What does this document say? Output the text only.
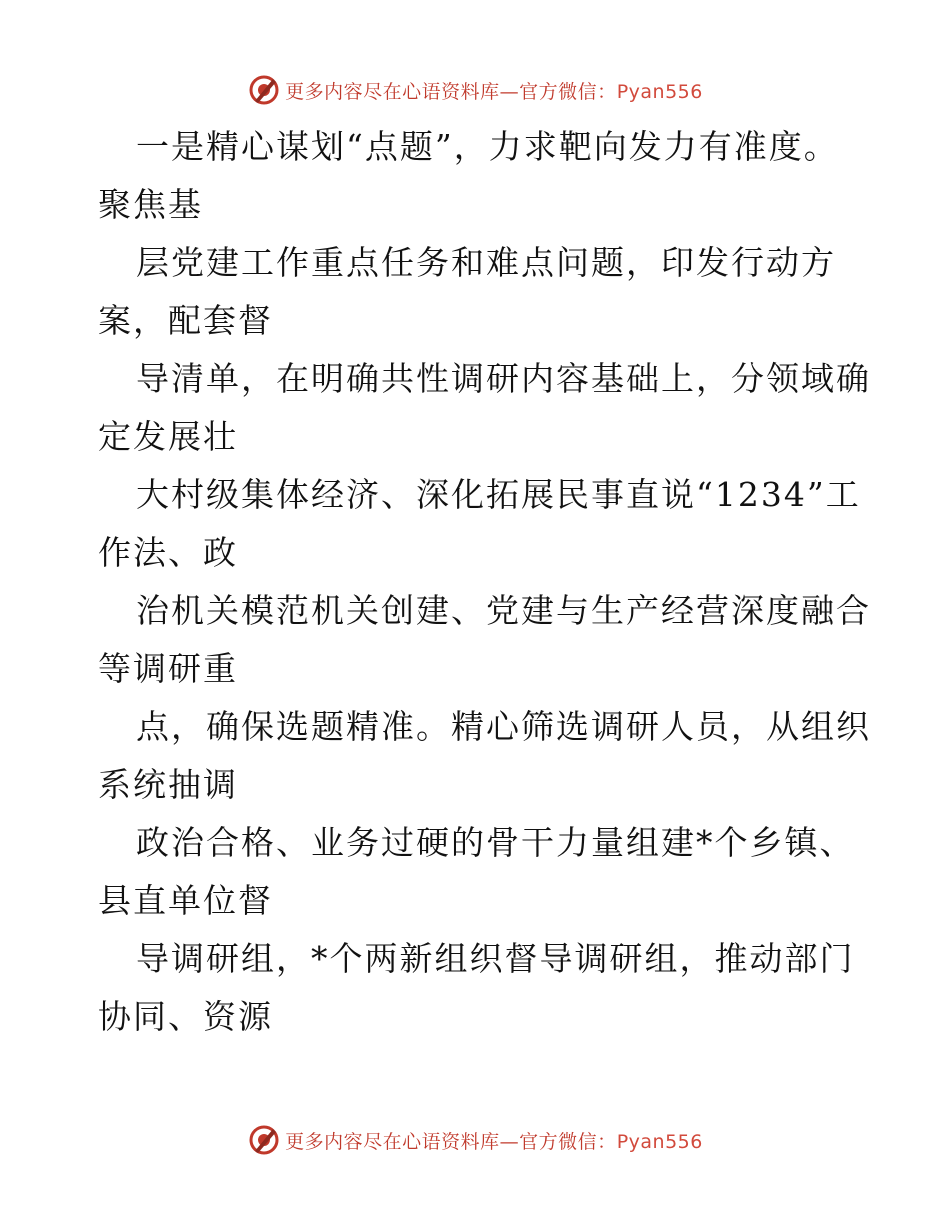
更多内容尽在心语资料库—官方微信：Pyan556
一是精心谋划“点题”，力求靶向发力有准度。
聚焦基
层党建工作重点任务和难点问题，印发行动方
案，配套督
导清单，在明确共性调研内容基础上，分领域确
定发展壮
大村级集体经济、深化拓展民事直说“1234”工
作法、政
治机关模范机关创建、党建与生产经营深度融合
等调研重
点，确保选题精准。精心筛选调研人员，从组织
系统抽调
政治合格、业务过硬的骨干力量组建*个乡镇、
县直单位督
导调研组，*个两新组织督导调研组，推动部门
协同、资源
更多内容尽在心语资料库—官方微信：Pyan556
